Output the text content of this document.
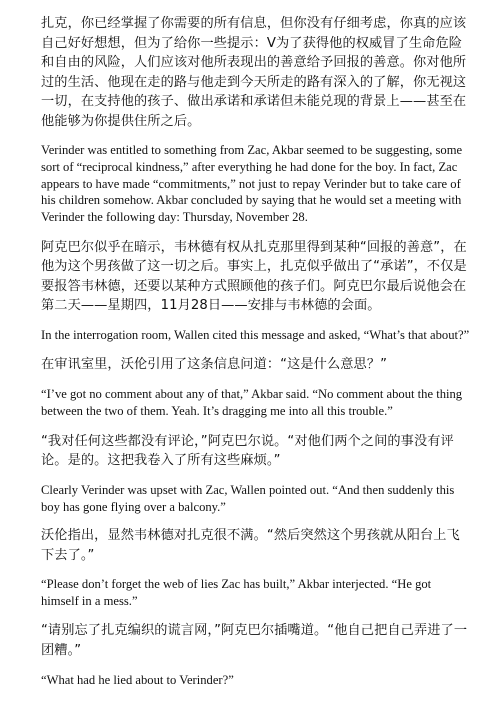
扎克，你已经掌握了你需要的所有信息，但你没有仔细考虑，你真的应该自己好好想想，但为了给你一些提示：V为了获得他的权威冒了生命危险和自由的风险，人们应该对他所表现出的善意给予回报的善意。你对他所过的生活、他现在走的路与他走到今天所走的路有深入的了解，你无视这一切，在支持他的孩子、做出承诺和承诺但未能兑现的背景上——甚至在他能够为你提供住所之后。

Verinder was entitled to something from Zac, Akbar seemed to be suggesting, some sort of “reciprocal kindness,” after everything he had done for the boy. In fact, Zac appears to have made “commitments,” not just to repay Verinder but to take care of his children somehow. Akbar concluded by saying that he would set a meeting with Verinder the following day: Thursday, November 28.

阿克巴尔似乎在暗示，韦林德有权从扎克那里得到某种“回报的善意”，在他为这个男孩做了这一切之后。事实上，扎克似乎做出了“承诺”，不仅是要报答韦林德，还要以某种方式照顾他的孩子们。阿克巴尔最后说他会在第二天——星期四，11月28日——安排与韦林德的会面。

In the interrogation room, Wallen cited this message and asked, “What’s that about?”

在审讯室里，沃伦引用了这条信息问道：“这是什么意思？”

“I’ve got no comment about any of that,” Akbar said. “No comment about the thing between the two of them. Yeah. It’s dragging me into all this trouble.”

“我对任何这些都没有评论，”阿克巴尔说。“对他们两个之间的事没有评论。是的。这把我卷入了所有这些麻烦。”

Clearly Verinder was upset with Zac, Wallen pointed out. “And then suddenly this boy has gone flying over a balcony.”

沃伦指出，显然韦林德对扎克很不满。“然后突然这个男孩就从阳台上飞下去了。”

“Please don’t forget the web of lies Zac has built,” Akbar interjected. “He got himself in a mess.”

“请别忘了扎克编织的谎言网，”阿克巴尔插嘴道。“他自己把自己弄进了一团糟。”

“What had he lied about to Verinder?”
